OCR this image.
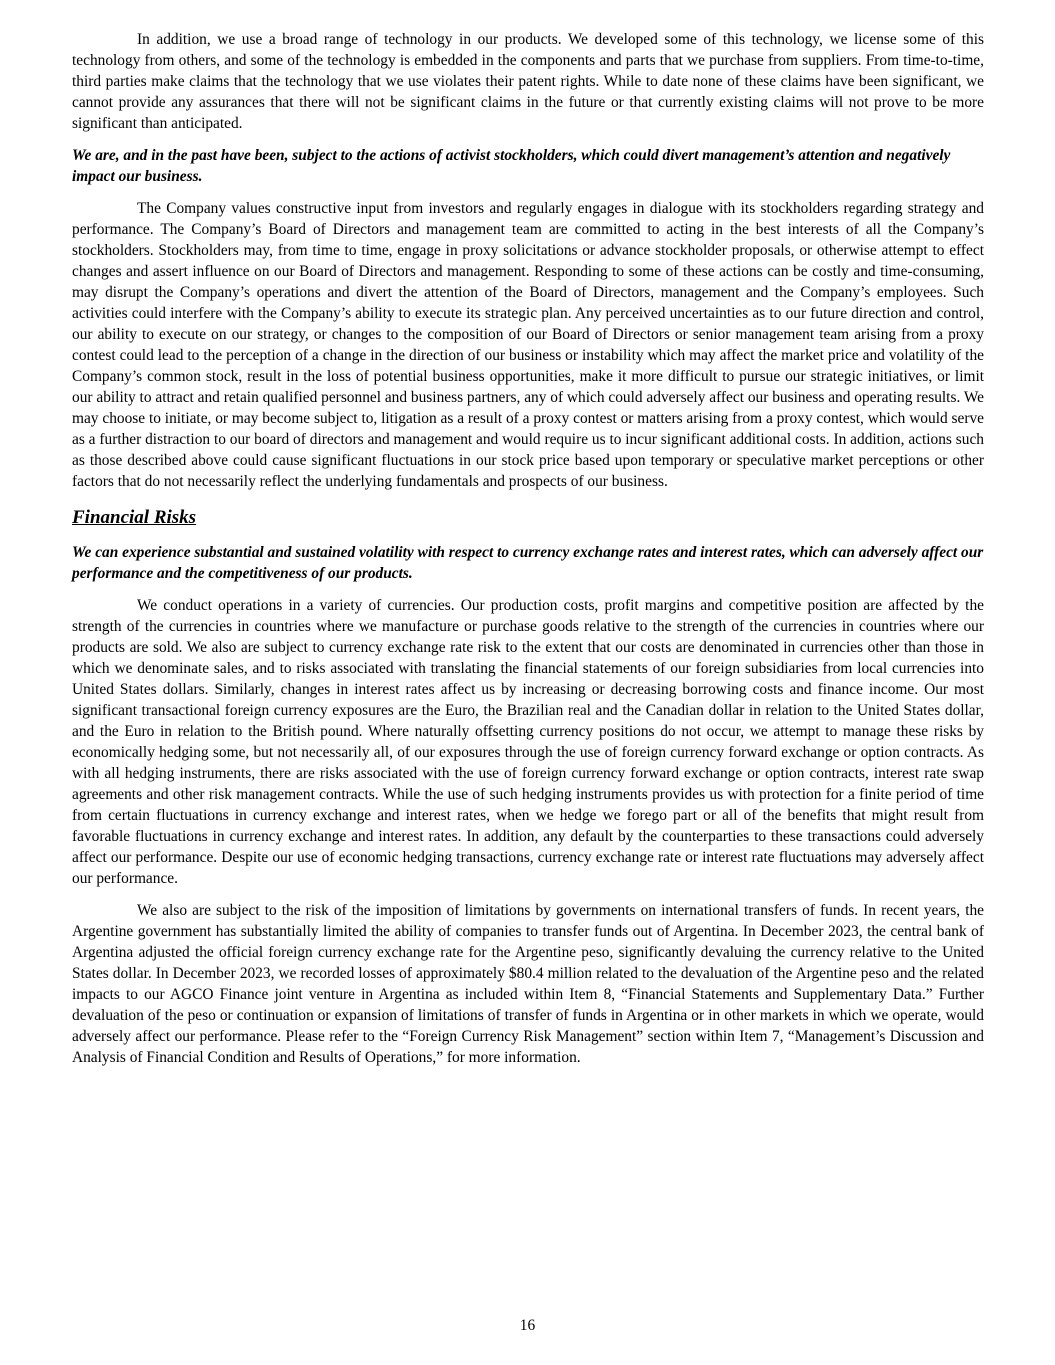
In addition, we use a broad range of technology in our products. We developed some of this technology, we license some of this technology from others, and some of the technology is embedded in the components and parts that we purchase from suppliers. From time-to-time, third parties make claims that the technology that we use violates their patent rights. While to date none of these claims have been significant, we cannot provide any assurances that there will not be significant claims in the future or that currently existing claims will not prove to be more significant than anticipated.

We are, and in the past have been, subject to the actions of activist stockholders, which could divert management’s attention and negatively impact our business.

The Company values constructive input from investors and regularly engages in dialogue with its stockholders regarding strategy and performance. The Company’s Board of Directors and management team are committed to acting in the best interests of all the Company’s stockholders. Stockholders may, from time to time, engage in proxy solicitations or advance stockholder proposals, or otherwise attempt to effect changes and assert influence on our Board of Directors and management. Responding to some of these actions can be costly and time-consuming, may disrupt the Company’s operations and divert the attention of the Board of Directors, management and the Company’s employees. Such activities could interfere with the Company’s ability to execute its strategic plan. Any perceived uncertainties as to our future direction and control, our ability to execute on our strategy, or changes to the composition of our Board of Directors or senior management team arising from a proxy contest could lead to the perception of a change in the direction of our business or instability which may affect the market price and volatility of the Company’s common stock, result in the loss of potential business opportunities, make it more difficult to pursue our strategic initiatives, or limit our ability to attract and retain qualified personnel and business partners, any of which could adversely affect our business and operating results. We may choose to initiate, or may become subject to, litigation as a result of a proxy contest or matters arising from a proxy contest, which would serve as a further distraction to our board of directors and management and would require us to incur significant additional costs. In addition, actions such as those described above could cause significant fluctuations in our stock price based upon temporary or speculative market perceptions or other factors that do not necessarily reflect the underlying fundamentals and prospects of our business.

Financial Risks

We can experience substantial and sustained volatility with respect to currency exchange rates and interest rates, which can adversely affect our performance and the competitiveness of our products.

We conduct operations in a variety of currencies. Our production costs, profit margins and competitive position are affected by the strength of the currencies in countries where we manufacture or purchase goods relative to the strength of the currencies in countries where our products are sold. We also are subject to currency exchange rate risk to the extent that our costs are denominated in currencies other than those in which we denominate sales, and to risks associated with translating the financial statements of our foreign subsidiaries from local currencies into United States dollars. Similarly, changes in interest rates affect us by increasing or decreasing borrowing costs and finance income. Our most significant transactional foreign currency exposures are the Euro, the Brazilian real and the Canadian dollar in relation to the United States dollar, and the Euro in relation to the British pound. Where naturally offsetting currency positions do not occur, we attempt to manage these risks by economically hedging some, but not necessarily all, of our exposures through the use of foreign currency forward exchange or option contracts. As with all hedging instruments, there are risks associated with the use of foreign currency forward exchange or option contracts, interest rate swap agreements and other risk management contracts. While the use of such hedging instruments provides us with protection for a finite period of time from certain fluctuations in currency exchange and interest rates, when we hedge we forego part or all of the benefits that might result from favorable fluctuations in currency exchange and interest rates. In addition, any default by the counterparties to these transactions could adversely affect our performance. Despite our use of economic hedging transactions, currency exchange rate or interest rate fluctuations may adversely affect our performance.

We also are subject to the risk of the imposition of limitations by governments on international transfers of funds. In recent years, the Argentine government has substantially limited the ability of companies to transfer funds out of Argentina. In December 2023, the central bank of Argentina adjusted the official foreign currency exchange rate for the Argentine peso, significantly devaluing the currency relative to the United States dollar. In December 2023, we recorded losses of approximately $80.4 million related to the devaluation of the Argentine peso and the related impacts to our AGCO Finance joint venture in Argentina as included within Item 8, “Financial Statements and Supplementary Data.” Further devaluation of the peso or continuation or expansion of limitations of transfer of funds in Argentina or in other markets in which we operate, would adversely affect our performance. Please refer to the “Foreign Currency Risk Management” section within Item 7, “Management’s Discussion and Analysis of Financial Condition and Results of Operations,” for more information.

16
